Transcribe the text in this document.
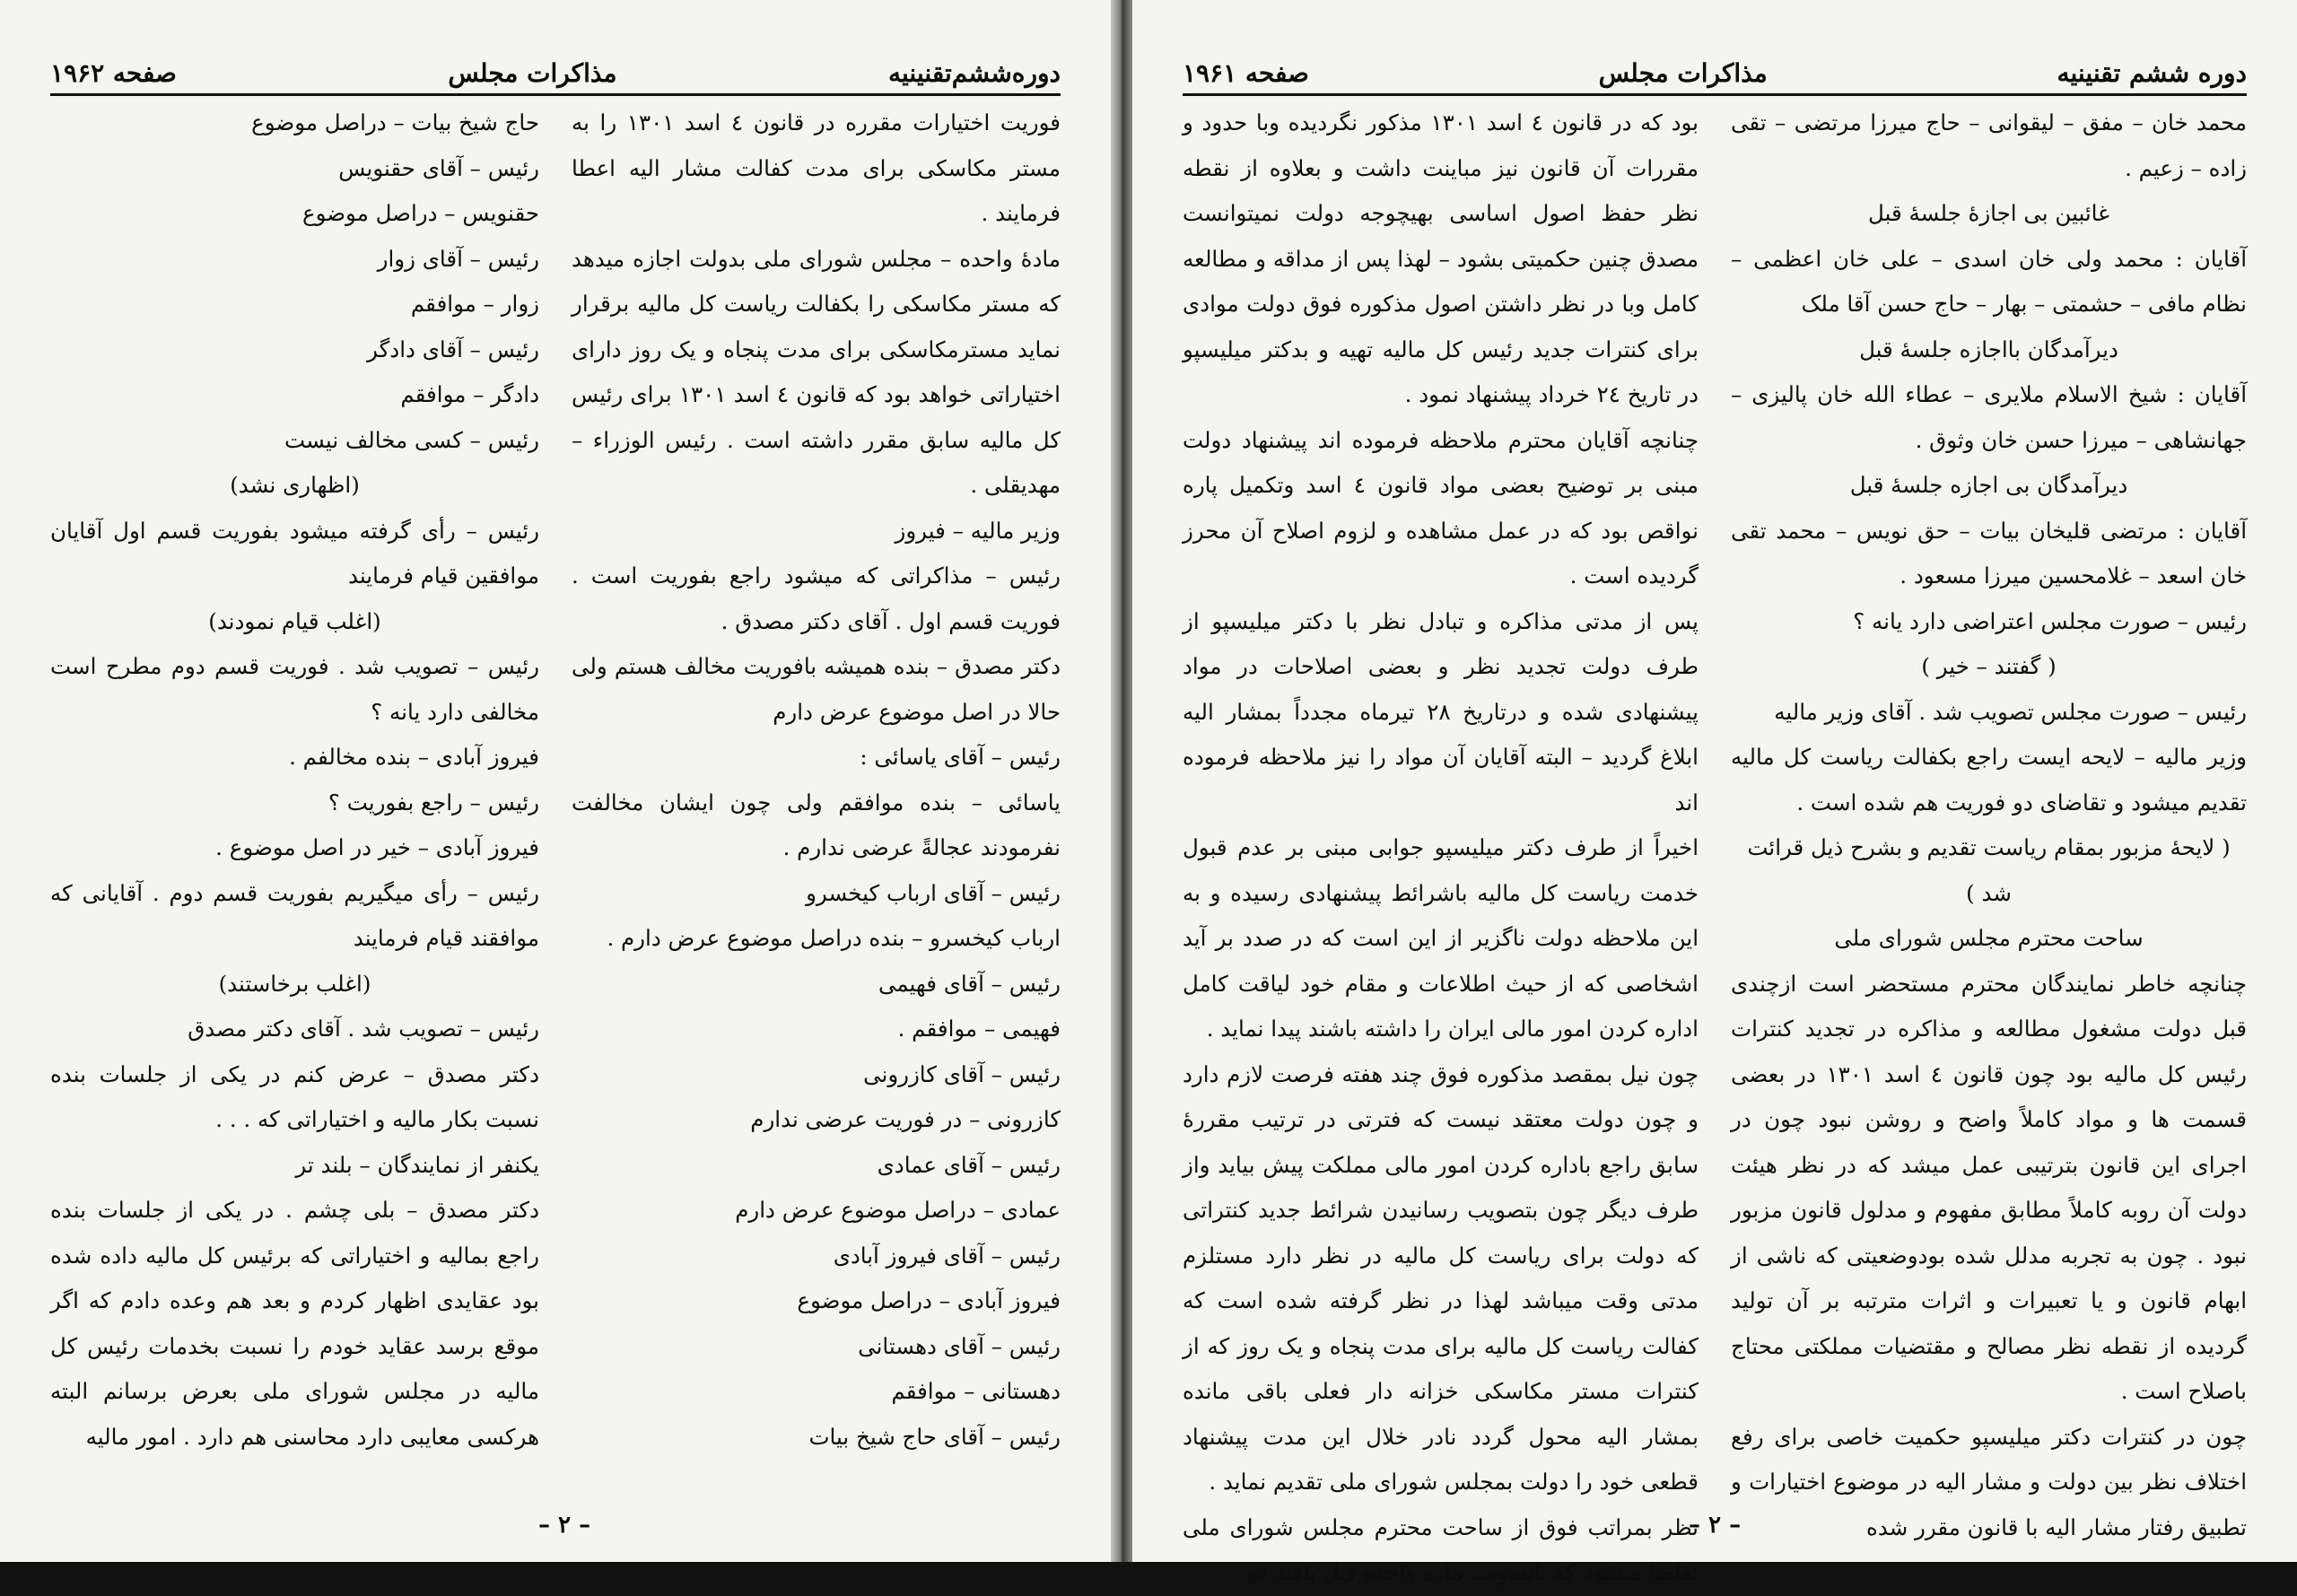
صفحه ۱۹۶۲	مذاکرات مجلس	دوره‌ششم‌تقنینیه

فوریت اختیارات مقرره در قانون ٤ اسد ۱۳۰۱ را به مستر مکاسکی برای مدت کفالت مشار الیه اعطا فرمایند .

مادهٔ واحده – مجلس شورای ملی بدولت اجازه میدهد که مستر مکاسکی را بکفالت ریاست کل مالیه برقرار نماید مسترمکاسکی برای مدت پنجاه و یک روز دارای اختیاراتی خواهد بود که قانون ٤ اسد ۱۳۰۱ برای رئیس کل مالیه سابق مقرر داشته است . رئیس الوزراء – مهدیقلی .

وزیر مالیه – فیروز

رئیس – مذاکراتی که میشود راجع بفوریت است . فوریت قسم اول . آقای دکتر مصدق .

دکتر مصدق – بنده همیشه بافوریت مخالف هستم ولی حالا در اصل موضوع عرض دارم

رئیس – آقای یاسائی :

یاسائی – بنده موافقم ولی چون ایشان مخالفت نفرمودند عجالةً عرضی ندارم .

رئیس – آقای ارباب کیخسرو

ارباب کیخسرو – بنده دراصل موضوع عرض دارم .

رئیس – آقای فهیمی

فهیمی – موافقم .

رئیس – آقای کازرونی

کازرونی – در فوریت عرضی ندارم

رئیس – آقای عمادی

عمادی – دراصل موضوع عرض دارم

رئیس – آقای فیروز آبادی

فیروز آبادی – دراصل موضوع

رئیس – آقای دهستانی

دهستانی – موافقم

رئیس – آقای حاج شیخ بیات

حاج شیخ بیات – دراصل موضوع

رئیس – آقای حقنویس

حقنویس – دراصل موضوع

رئیس – آقای زوار

زوار – موافقم

رئیس – آقای دادگر

دادگر – موافقم

رئیس – کسی مخالف نیست

(اظهاری نشد)

رئیس – رأی گرفته میشود بفوریت قسم اول آقایان موافقین قیام فرمایند

(اغلب قیام نمودند)

رئیس – تصویب شد . فوریت قسم دوم مطرح است مخالفی دارد یانه ؟

فیروز آبادی – بنده مخالفم .

رئیس – راجع بفوریت ؟

فیروز آبادی – خیر در اصل موضوع .

رئیس – رأی میگیریم بفوریت قسم دوم . آقایانی که موافقند قیام فرمایند

(اغلب برخاستند)

رئیس – تصویب شد . آقای دکتر مصدق

دکتر مصدق – عرض کنم در یکی از جلسات بنده نسبت بکار مالیه و اختیاراتی که . . .

یکنفر از نمایندگان – بلند تر

دکتر مصدق – بلی چشم . در یکی از جلسات بنده راجع بمالیه و اختیاراتی که برئیس کل مالیه داده شده بود عقایدی اظهار کردم و بعد هم وعده دادم که اگر موقع برسد عقاید خودم را نسبت بخدمات رئیس کل مالیه در مجلس شورای ملی بعرض برسانم البته هرکسی معایبی دارد محاسنی هم دارد . امور مالیه

– ۲ –
صفحه ۱۹۶۱	مذاکرات مجلس	دوره ششم تقنینیه

محمد خان – مفق – لیقوانی – حاج میرزا مرتضی – تقی زاده – زعیم .

غائبین بی اجازهٔ جلسهٔ قبل

آقایان : محمد ولی خان اسدی – علی خان اعظمی – نظام مافی – حشمتی – بهار – حاج حسن آقا ملک

دیرآمدگان بااجازه جلسهٔ قبل

آقایان : شیخ الاسلام ملایری – عطاء الله خان پالیزی – جهانشاهی – میرزا حسن خان وثوق .

دیرآمدگان بی اجازه جلسهٔ قبل

آقایان : مرتضی قلیخان بیات – حق نویس – محمد تقی خان اسعد – غلامحسین میرزا مسعود .

رئیس – صورت مجلس اعتراضی دارد یانه ؟

( گفتند – خیر )

رئیس – صورت مجلس تصویب شد . آقای وزیر مالیه

وزیر مالیه – لایحه ایست راجع بکفالت ریاست کل مالیه تقدیم میشود و تقاضای دو فوریت هم شده است .

( لایحهٔ مزبور بمقام ریاست تقدیم و بشرح ذیل قرائت شد )

ساحت محترم مجلس شورای ملی

چنانچه خاطر نمایندگان محترم مستحضر است ازچندی قبل دولت مشغول مطالعه و مذاکره در تجدید کنترات رئیس کل مالیه بود چون قانون ٤ اسد ۱۳۰۱ در بعضی قسمت ها و مواد کاملاً واضح و روشن نبود چون در اجرای این قانون بترتیبی عمل میشد که در نظر هیئت دولت آن روبه کاملاً مطابق مفهوم و مدلول قانون مزبور نبود . چون به تجربه مدلل شده بودوضعیتی که ناشی از ابهام قانون و یا تعبیرات و اثرات مترتبه بر آن تولید گردیده از نقطه نظر مصالح و مقتضیات مملکتی محتاج باصلاح است .

چون در کنترات دکتر میلیسپو حکمیت خاصی برای رفع اختلاف نظر بین دولت و مشار الیه در موضوع اختیارات و تطبیق رفتار مشار الیه با قانون مقرر شده

بود که در قانون ٤ اسد ۱۳۰۱ مذکور نگردیده وبا حدود و مقررات آن قانون نیز مباینت داشت و بعلاوه از نقطه نظر حفظ اصول اساسی بهیچوجه دولت نمیتوانست مصدق چنین حکمیتی بشود – لهذا پس از مداقه و مطالعه کامل وبا در نظر داشتن اصول مذکوره فوق دولت موادی برای کنترات جدید رئیس کل مالیه تهیه و بدکتر میلیسپو در تاریخ ۲٤ خرداد پیشنهاد نمود .

چنانچه آقایان محترم ملاحظه فرموده اند پیشنهاد دولت مبنی بر توضیح بعضی مواد قانون ٤ اسد وتکمیل پاره نواقص بود که در عمل مشاهده و لزوم اصلاح آن محرز گردیده است .

پس از مدتی مذاکره و تبادل نظر با دکتر میلیسپو از طرف دولت تجدید نظر و بعضی اصلاحات در مواد پیشنهادی شده و درتاریخ ۲۸ تیرماه مجدداً بمشار الیه ابلاغ گردید – البته آقایان آن مواد را نیز ملاحظه فرموده اند

اخیراً از طرف دکتر میلیسپو جوابی مبنی بر عدم قبول خدمت ریاست کل مالیه باشرائط پیشنهادی رسیده و به این ملاحظه دولت ناگزیر از این است که در صدد بر آید اشخاصی که از حیث اطلاعات و مقام خود لیاقت کامل اداره کردن امور مالی ایران را داشته باشند پیدا نماید .

چون نیل بمقصد مذکوره فوق چند هفته فرصت لازم دارد و چون دولت معتقد نیست که فترتی در ترتیب مقررهٔ سابق راجع باداره کردن امور مالی مملکت پیش بیاید واز طرف دیگر چون بتصویب رسانیدن شرائط جدید کنتراتی که دولت برای ریاست کل مالیه در نظر دارد مستلزم مدتی وقت میباشد لهذا در نظر گرفته شده است که کفالت ریاست کل مالیه برای مدت پنجاه و یک روز که از کنترات مستر مکاسکی خزانه دار فعلی باقی مانده بمشار الیه محول گردد نادر خلال این مدت پیشنهاد قطعی خود را دولت بمجلس شورای ملی تقدیم نماید .

نظر بمراتب فوق از ساحت محترم مجلس شورای ملی تقاضا میشود که باتصویب ماده واحده ذیل باقید دو

– ۲ –
